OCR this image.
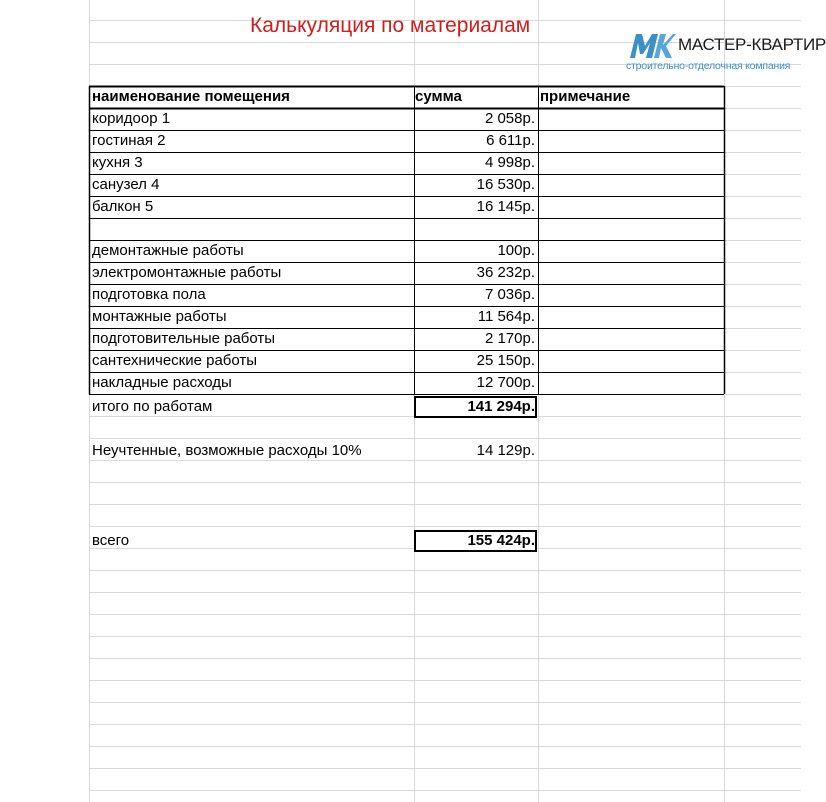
Калькуляция по материалам
МАСТЕР-КВАРТИР
строительно-отделочная компания
наименование помещения	сумма	примечание
коридоор 1	2 058р.
гостиная 2	6 611р.
кухня 3	4 998р.
санузел 4	16 530р.
балкон 5	16 145р.
демонтажные работы	100р.
электромонтажные работы	36 232р.
подготовка пола	7 036р.
монтажные работы	11 564р.
подготовительные работы	2 170р.
сантехнические работы	25 150р.
накладные расходы	12 700р.
итого по работам	141 294р.
Неучтенные, возможные расходы 10%	14 129р.
всего	155 424р.
